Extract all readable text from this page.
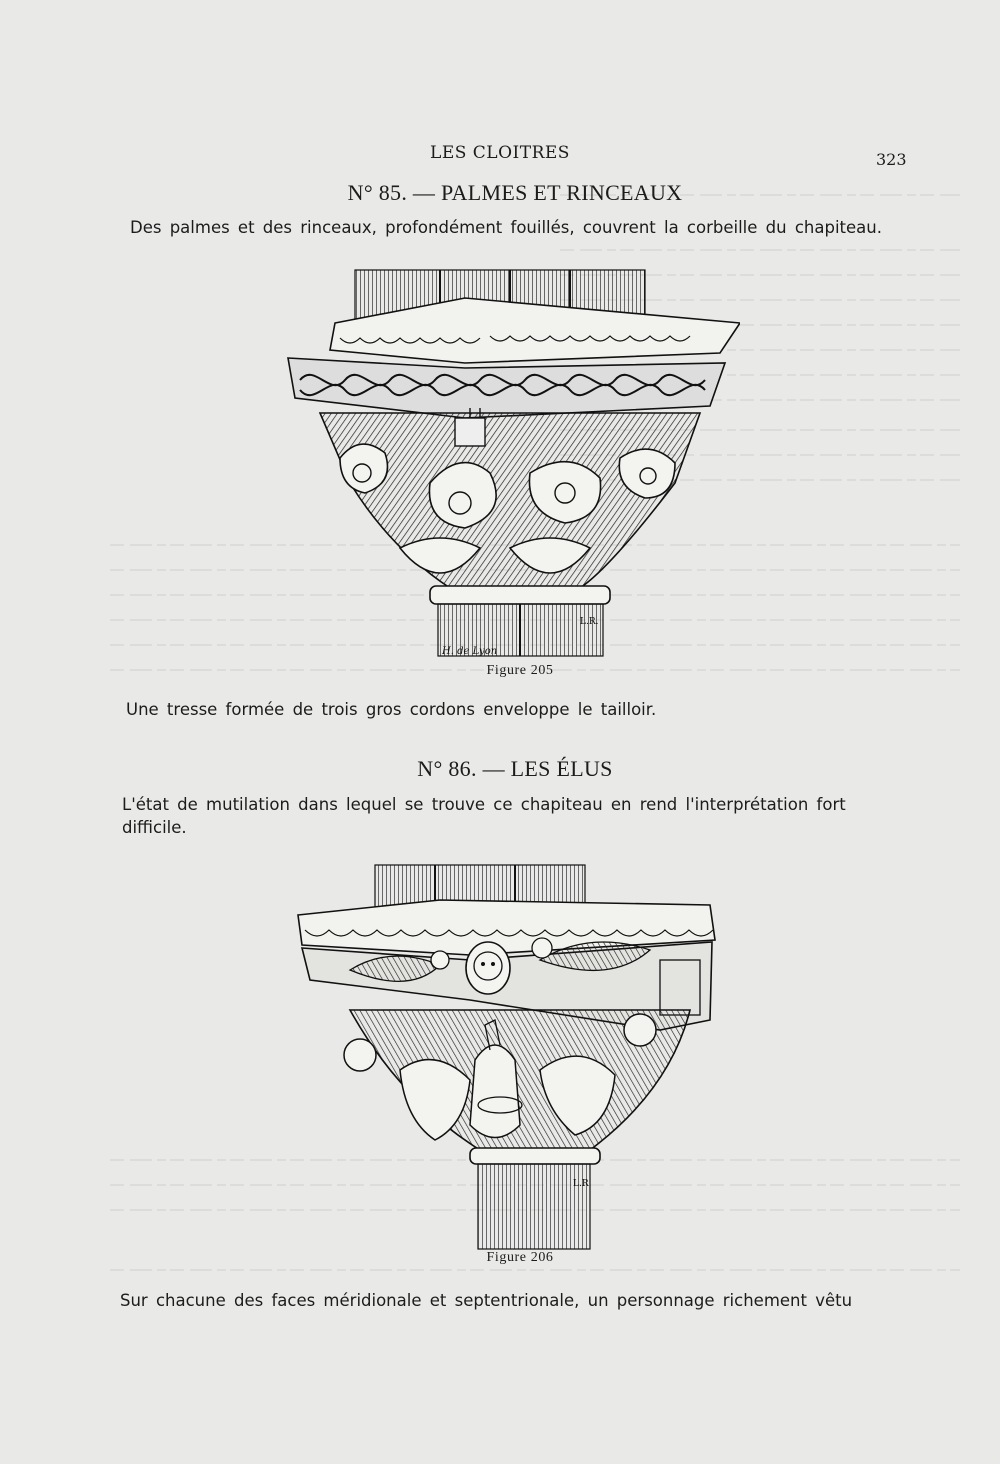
LES CLOITRES	323
N° 85. — PALMES ET RINCEAUX
Des palmes et des rinceaux, profondément fouillés, couvrent la corbeille du chapiteau.
H. de Lyon
L.R.
Figure 205
Une tresse formée de trois gros cordons enveloppe le tailloir.
N° 86. — LES ÉLUS
L'état de mutilation dans lequel se trouve ce chapiteau en rend l'interprétation fort
difficile.
L.R.
Figure 206
Sur chacune des faces méridionale et septentrionale, un personnage richement vêtu
